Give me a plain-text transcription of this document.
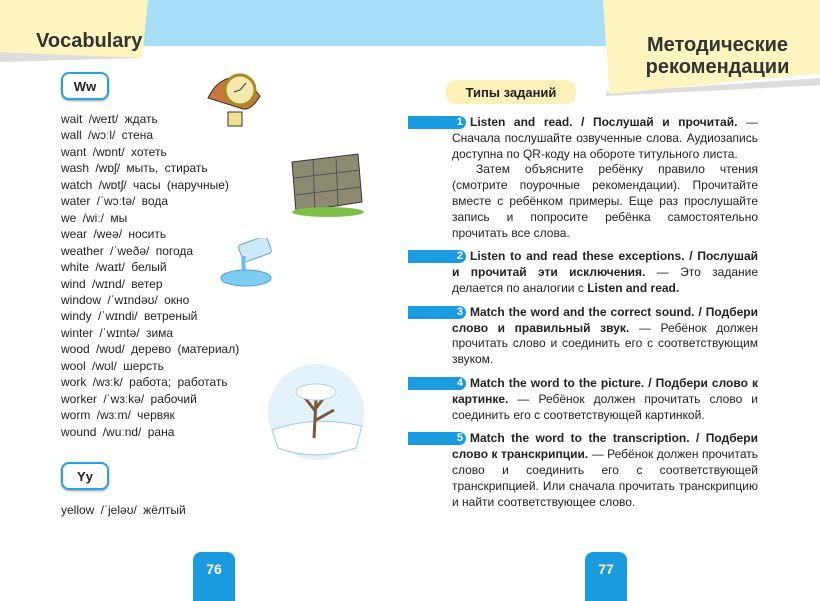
Vocabulary	Методические рекомендации
Ww
wait /weɪt/ ждать
wall /wɔːl/ стена
want /wɒnt/ хотеть
wash /wɒʃ/ мыть, стирать
watch /wɒtʃ/ часы (наручные)
water /ˈwɔːtə/ вода
we /wiː/ мы
wear /weə/ носить
weather /ˈweðə/ погода
white /waɪt/ белый
wind /wɪnd/ ветер
window /ˈwɪndəʊ/ окно
windy /ˈwɪndi/ ветреный
winter /ˈwɪntə/ зима
wood /wʊd/ дерево (материал)
wool /wʊl/ шерсть
work /wɜːk/ работа; работать
worker /ˈwɜːkə/ рабочий
worm /wɜːm/ червяк
wound /wuːnd/ рана
Yy
yellow /ˈjeləʊ/ жёлтый
76
Типы заданий
1 Listen and read. / Послушай и прочитай. — Сначала послушайте озвученные слова. Аудиозапись доступна по QR-коду на обороте титульного листа.
Затем объясните ребёнку правило чтения (смотрите поурочные рекомендации). Прочитайте вместе с ребёнком примеры. Еще раз прослушайте запись и попросите ребёнка самостоятельно прочитать все слова.
2 Listen to and read these exceptions. / Послушай и прочитай эти исключения. — Это задание делается по аналогии с Listen and read.
3 Match the word and the correct sound. / Подбери слово и правильный звук. — Ребёнок должен прочитать слово и соединить его с соответствующим звуком.
4 Match the word to the picture. / Подбери слово к картинке. — Ребёнок должен прочитать слово и соединить его с соответствующей картинкой.
5 Match the word to the transcription. / Подбери слово к транскрипции. — Ребёнок должен прочитать слово и соединить его с соответствующей транскрипцией. Или сначала прочитать транскрипцию и найти соответствующее слово.
77
